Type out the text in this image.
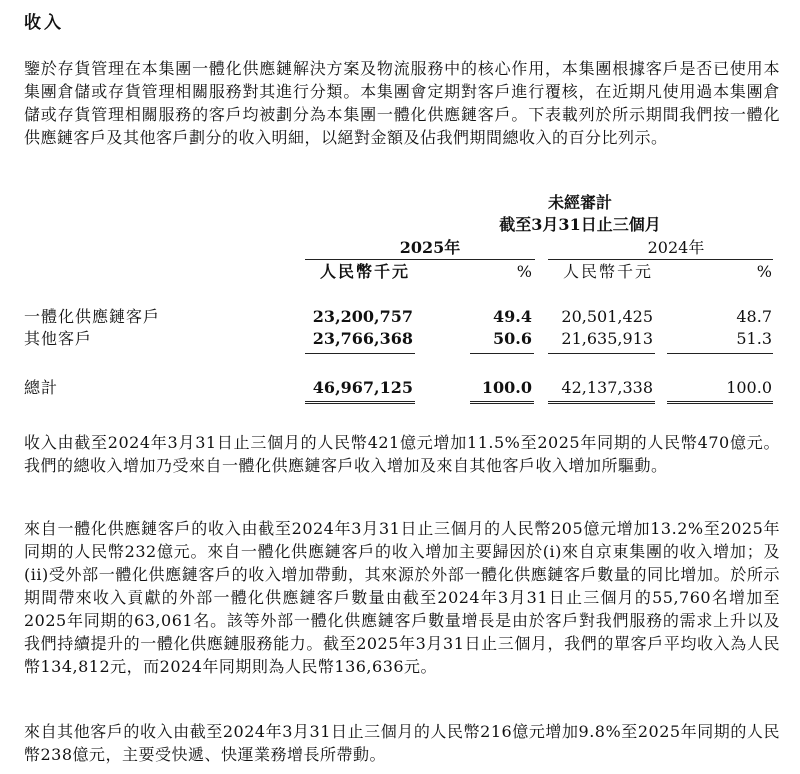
收入

鑒於存貨管理在本集團一體化供應鏈解決方案及物流服務中的核心作用，本集團根據客戶是否已使用本集團倉儲或存貨管理相關服務對其進行分類。本集團會定期對客戶進行覆核，在近期凡使用過本集團倉儲或存貨管理相關服務的客戶均被劃分為本集團一體化供應鏈客戶。下表載列於所示期間我們按一體化供應鏈客戶及其他客戶劃分的收入明細，以絕對金額及佔我們期間總收入的百分比列示。

未經審計
截至3月31日止三個月
2025年	2024年
人民幣千元	%	人民幣千元	%
一體化供應鏈客戶	23,200,757	49.4	20,501,425	48.7
其他客戶	23,766,368	50.6	21,635,913	51.3
總計	46,967,125	100.0	42,137,338	100.0

收入由截至2024年3月31日止三個月的人民幣421億元增加11.5%至2025年同期的人民幣470億元。我們的總收入增加乃受來自一體化供應鏈客戶收入增加及來自其他客戶收入增加所驅動。

來自一體化供應鏈客戶的收入由截至2024年3月31日止三個月的人民幣205億元增加13.2%至2025年同期的人民幣232億元。來自一體化供應鏈客戶的收入增加主要歸因於(i)來自京東集團的收入增加；及(ii)受外部一體化供應鏈客戶的收入增加帶動，其來源於外部一體化供應鏈客戶數量的同比增加。於所示期間帶來收入貢獻的外部一體化供應鏈客戶數量由截至2024年3月31日止三個月的55,760名增加至2025年同期的63,061名。該等外部一體化供應鏈客戶數量增長是由於客戶對我們服務的需求上升以及我們持續提升的一體化供應鏈服務能力。截至2025年3月31日止三個月，我們的單客戶平均收入為人民幣134,812元，而2024年同期則為人民幣136,636元。

來自其他客戶的收入由截至2024年3月31日止三個月的人民幣216億元增加9.8%至2025年同期的人民幣238億元，主要受快遞、快運業務增長所帶動。
